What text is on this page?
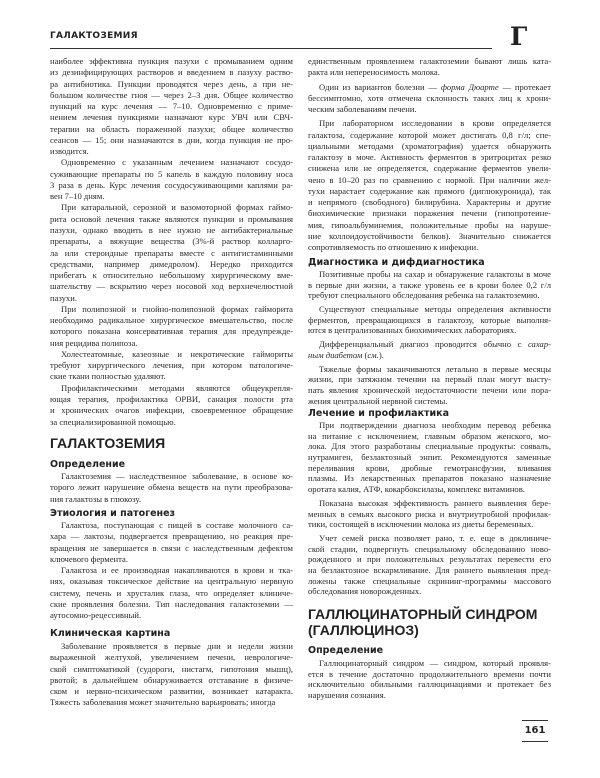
ГАЛАКТОЗЕМИЯ	Г
наиболее эффективна пункция пазухи с промыванием одним
из дезинфицирующих растворов и введением в пазуху раство-
ра антибиотика. Пункции проводятся через день, а при не-
большом количестве гноя — через 2–3 дня. Общее количество
пункций на курс лечения — 7–10. Одновременно с приме-
нением лечения пункциями назначают курс УВЧ или СВЧ-
терапии на область пораженной пазухи; общее количество
сеансов — 15; они назначаются в дни, когда пункция не про-
изводится.
Одновременно с указанным лечением назначают сосудо-
суживающие препараты по 5 капель в каждую половину носа
3 раза в день. Курс лечения сосудосуживающими каплями ра-
вен 7–10 дням.
При катаральной, серозной и вазомоторной формах гаймо-
рита основой лечения также являются пункции и промывания
пазухи, однако вводить в нее нужно не антибактериальные
препараты, а вяжущие вещества (3%-й раствор колларго-
ла или стероидные препараты вместе с антигистаминными
средствами, например димедролом). Нередко приходится
прибегать к относительно небольшому хирургическому вме-
шательству — вскрытию через носовой ход верхнечелюстной
пазухи.
При полипозной и гнойно-полипозной формах гайморита
необходимо радикальное хирургическое вмешательство, после
которого показана консервативная терапия для предупрежде-
ния рецидива полипоза.
Холестеатомные, казеозные и некротические гаймориты
требуют хирургического лечения, при котором патологиче-
ские ткани полностью удаляют.
Профилактическими методами являются общеукрепля-
ющая терапия, профилактика ОРВИ, санация полости рта
и хронических очагов инфекции, своевременное обращение
за специализированной помощью.
ГАЛАКТОЗЕМИЯ
Определение
Галактоземия — наследственное заболевание, в основе ко-
торого лежит нарушение обмена веществ на пути преобразова-
ния галактозы в глюкозу.
Этиология и патогенез
Галактоза, поступающая с пищей в составе молочного са-
хара — лактозы, подвергается превращению, но реакция пре-
вращения не завершается в связи с наследственным дефектом
ключевого фермента.
Галактоза и ее производная накапливаются в крови и тка-
нях, оказывая токсическое действие на центральную нервную
систему, печень и хрусталик глаза, что определяет клиниче-
ские проявления болезни. Тип наследования галактоземии —
аутосомно-рецессивный.
Клиническая картина
Заболевание проявляется в первые дни и недели жизни
выраженной желтухой, увеличением печени, неврологиче-
ской симптоматикой (судороги, нистагм, гипотония мышц),
рвотой; в дальнейшем обнаруживается отставание в физиче-
ском и нервно-психическом развитии, возникает катаракта.
Тяжесть заболевания может значительно варьировать; иногда
единственным проявлением галактоземии бывают лишь ката-
ракта или непереносимость молока.
Один из вариантов болезни — форма Дюарте — протекает
бессимптомно, хотя отмечена склонность таких лиц к хрони-
ческим заболеваниям печени.
При лабораторном исследовании в крови определяется
галактоза, содержание которой может достигать 0,8 г/л; спе-
циальными методами (хроматография) удается обнаружить
галактозу в моче. Активность ферментов в эритроцитах резко
снижена или не определяется, содержание ферментов увели-
чено в 10–20 раз по сравнению с нормой. При наличии жел-
тухи нарастает содержание как прямого (диглюкуронида), так
и непрямого (свободного) билирубина. Характерны и другие
биохимические признаки поражения печени (гипопротеине-
мия, гипоальбуминемия, положительные пробы на наруше-
ние коллоидоустойчивости белков). Значительно снижается
сопротивляемость по отношению к инфекции.
Диагностика и дифдиагностика
Позитивные пробы на сахар и обнаружение галактозы в моче
в первые дни жизни, а также уровень ее в крови более 0,2 г/л
требуют специального обследования ребенка на галактоземию.
Существуют специальные методы определения активности
ферментов, превращающихся в галактозу, которые выполня-
ются в централизованных биохимических лабораториях.
Дифференциальный диагноз проводится обычно с сахар-
ным диабетом (см.).
Тяжелые формы заканчиваются летально в первые месяцы
жизни, при затяжном течении на первый план могут высту-
пать явления хронической недостаточности печени или пора-
жения центральной нервной системы.
Лечение и профилактика
При подтверждении диагноза необходим перевод ребенка
на питание с исключением, главным образом женского, мо-
лока. Для этого разработаны специальные продукты: соявалъ,
нутрамиген, безлактозный энпит. Рекомендуются заменные
переливания крови, дробные гемотрансфузии, вливания
плазмы. Из лекарственных препаратов показано назначение
оротата калия, АТФ, кокарбоксилазы, комплекс витаминов.
Показана высокая эффективность раннего выявления бере-
менных в семьях высокого риска и внутриутробной профилак-
тики, состоящей в исключении молока из диеты беременных.
Учет семей риска позволяет рано, т. е. еще в доклиниче-
ской стадии, подвергнуть специальному обследованию ново-
рожденного и при положительных результатах перевести его
на безлактозное вскармливание. Для раннего выявления пред-
ложены также специальные скрининг-программы массового
обследования новорожденных.
ГАЛЛЮЦИНАТОРНЫЙ СИНДРОМ
(ГАЛЛЮЦИНОЗ)
Определение
Галлюцинаторный синдром — синдром, который проявля-
ется в течение достаточно продолжительного времени почти
исключительно обильными галлюцинациями и протекает без
нарушения сознания.
161
